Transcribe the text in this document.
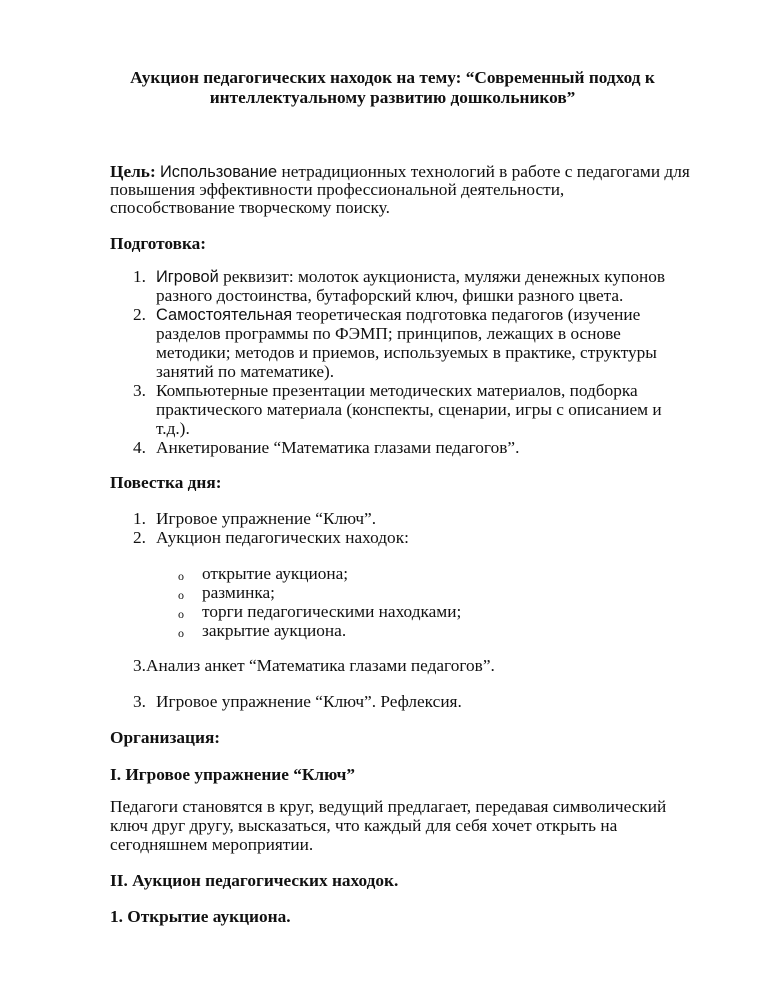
Аукцион педагогических находок на тему: “Современный подход к
интеллектуальному развитию дошкольников”
Цель: Использование нетрадиционных технологий в работе с педагогами для
повышения эффективности профессиональной деятельности,
способствование творческому поиску.
Подготовка:
1. Игровой реквизит: молоток аукциониста, муляжи денежных купонов
разного достоинства, бутафорский ключ, фишки разного цвета.
2. Самостоятельная теоретическая подготовка педагогов (изучение
разделов программы по ФЭМП; принципов, лежащих в основе
методики; методов и приемов, используемых в практике, структуры
занятий по математике).
3. Компьютерные презентации методических материалов, подборка
практического материала (конспекты, сценарии, игры с описанием и
т.д.).
4. Анкетирование “Математика глазами педагогов”.
Повестка дня:
1. Игровое упражнение “Ключ”.
2. Аукцион педагогических находок:
o открытие аукциона;
o разминка;
o торги педагогическими находками;
o закрытие аукциона.
3.Анализ анкет “Математика глазами педагогов”.
3. Игровое упражнение “Ключ”. Рефлексия.
Организация:
I. Игровое упражнение “Ключ”
Педагоги становятся в круг, ведущий предлагает, передавая символический
ключ друг другу, высказаться, что каждый для себя хочет открыть на
сегодняшнем мероприятии.
II. Аукцион педагогических находок.
1. Открытие аукциона.
